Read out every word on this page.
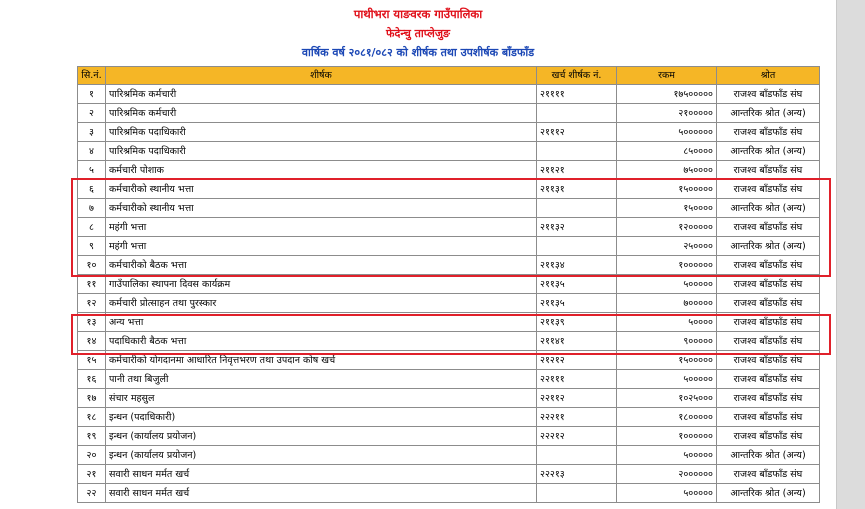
पाथीभरा याङवरक गाउँपालिका
फेदेन्चु ताप्लेजुङ
वार्षिक वर्ष २०८१/०८२ को शीर्षक तथा उपशीर्षक बाँडफाँड
सि.नं.	शीर्षक	खर्च शीर्षक नं.	रकम	श्रोत
१	पारिश्रमिक कर्मचारी	२११११	१७५०००००	राजश्व बाँडफाँड संघ
२	पारिश्रमिक कर्मचारी		२१०००००	आन्तरिक श्रोत (अन्य)
३	पारिश्रमिक पदाधिकारी	२१११२	५००००००	राजश्व बाँडफाँड संघ
४	पारिश्रमिक पदाधिकारी		८५००००	आन्तरिक श्रोत (अन्य)
५	कर्मचारी पोशाक	२११२१	७५००००	राजश्व बाँडफाँड संघ
६	कर्मचारीको स्थानीय भत्ता	२११३१	१५०००००	राजश्व बाँडफाँड संघ
७	कर्मचारीको स्थानीय भत्ता		१५००००	आन्तरिक श्रोत (अन्य)
८	महंगी भत्ता	२११३२	१२०००००	राजश्व बाँडफाँड संघ
९	महंगी भत्ता		२५००००	आन्तरिक श्रोत (अन्य)
१०	कर्मचारीको बैठक भत्ता	२११३४	१००००००	राजश्व बाँडफाँड संघ
११	गाउँपालिका स्थापना दिवस कार्यक्रम	२११३५	५०००००	राजश्व बाँडफाँड संघ
१२	कर्मचारी प्रोत्साहन तथा पुरस्कार	२११३५	७०००००	राजश्व बाँडफाँड संघ
१३	अन्य भत्ता	२११३९	५००००	राजश्व बाँडफाँड संघ
१४	पदाधिकारी बैठक भत्ता	२११४१	९०००००	राजश्व बाँडफाँड संघ
१५	कर्मचारीको योगदानमा आधारित निवृत्तभरण तथा उपदान कोष खर्च	२१२१२	१५०००००	राजश्व बाँडफाँड संघ
१६	पानी तथा बिजुली	२२१११	५०००००	राजश्व बाँडफाँड संघ
१७	संचार महसुल	२२११२	१०२५०००	राजश्व बाँडफाँड संघ
१८	इन्धन (पदाधिकारी)	२२२११	१८०००००	राजश्व बाँडफाँड संघ
१९	इन्धन (कार्यालय प्रयोजन)	२२२१२	१००००००	राजश्व बाँडफाँड संघ
२०	इन्धन (कार्यालय प्रयोजन)		५०००००	आन्तरिक श्रोत (अन्य)
२१	सवारी साधन मर्मत खर्च	२२२१३	२००००००	राजश्व बाँडफाँड संघ
२२	सवारी साधन मर्मत खर्च		५०००००	आन्तरिक श्रोत (अन्य)
